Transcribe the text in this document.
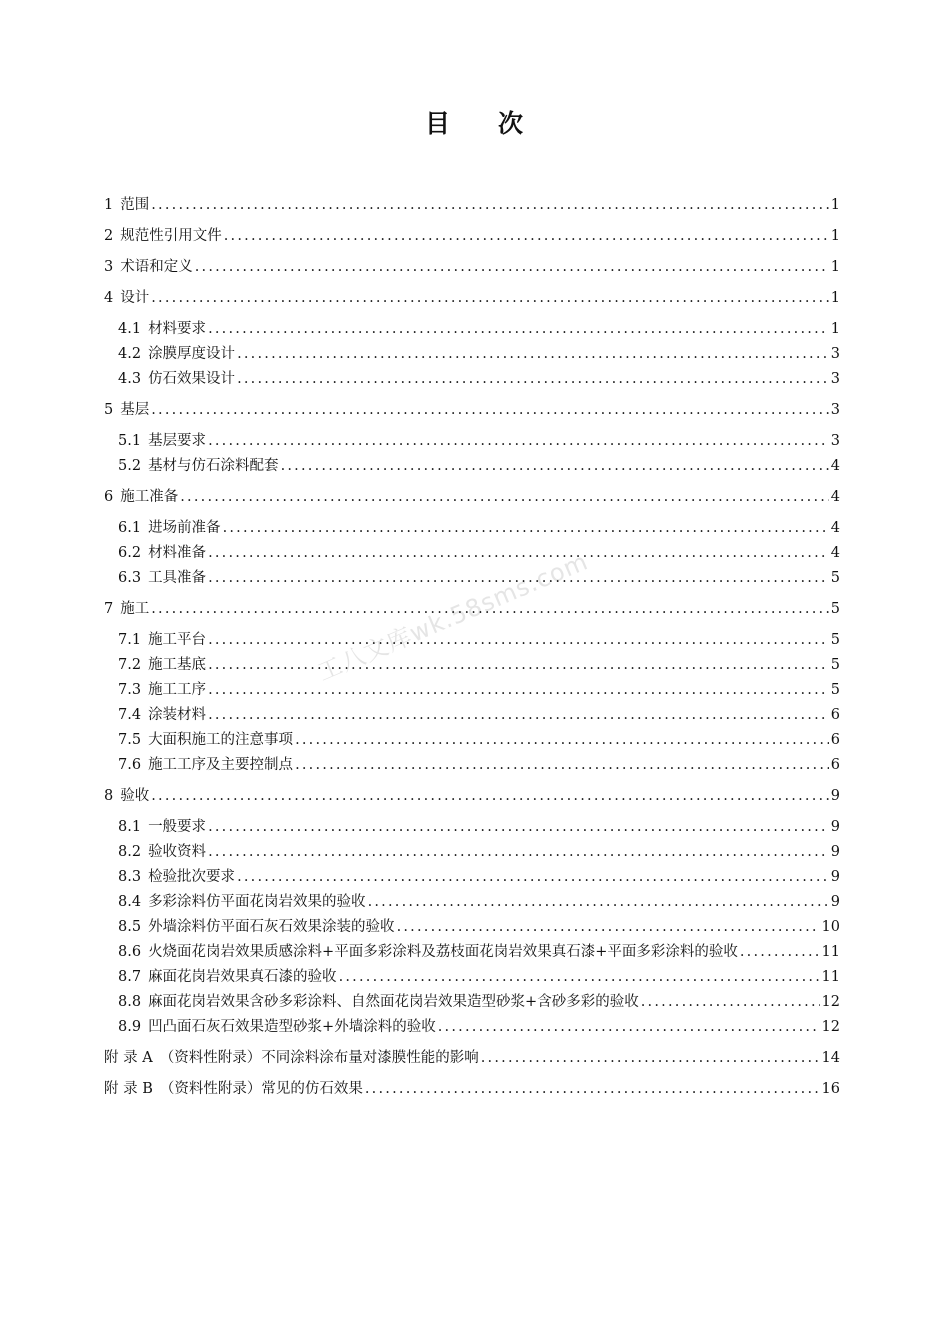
目 次
工八文库wk.58sms.com
1 范围 .....	1
2 规范性引用文件 .....	1
3 术语和定义 .....	1
4 设计 .....	1
4.1 材料要求 .....	1
4.2 涂膜厚度设计 .....	3
4.3 仿石效果设计 .....	3
5 基层 .....	3
5.1 基层要求 .....	3
5.2 基材与仿石涂料配套 .....	4
6 施工准备 .....	4
6.1 进场前准备 .....	4
6.2 材料准备 .....	4
6.3 工具准备 .....	5
7 施工 .....	5
7.1 施工平台 .....	5
7.2 施工基底 .....	5
7.3 施工工序 .....	5
7.4 涂装材料 .....	6
7.5 大面积施工的注意事项 .....	6
7.6 施工工序及主要控制点 .....	6
8 验收 .....	9
8.1 一般要求 .....	9
8.2 验收资料 .....	9
8.3 检验批次要求 .....	9
8.4 多彩涂料仿平面花岗岩效果的验收 .....	9
8.5 外墙涂料仿平面石灰石效果涂装的验收 .....	10
8.6 火烧面花岗岩效果质感涂料+平面多彩涂料及荔枝面花岗岩效果真石漆+平面多彩涂料的验收 .....	11
8.7 麻面花岗岩效果真石漆的验收 .....	11
8.8 麻面花岗岩效果含砂多彩涂料、自然面花岗岩效果造型砂浆+含砂多彩的验收 .....	12
8.9 凹凸面石灰石效果造型砂浆+外墙涂料的验收 .....	12
附 录 A （资料性附录）不同涂料涂布量对漆膜性能的影响 .....	14
附 录 B （资料性附录）常见的仿石效果 .....	16
